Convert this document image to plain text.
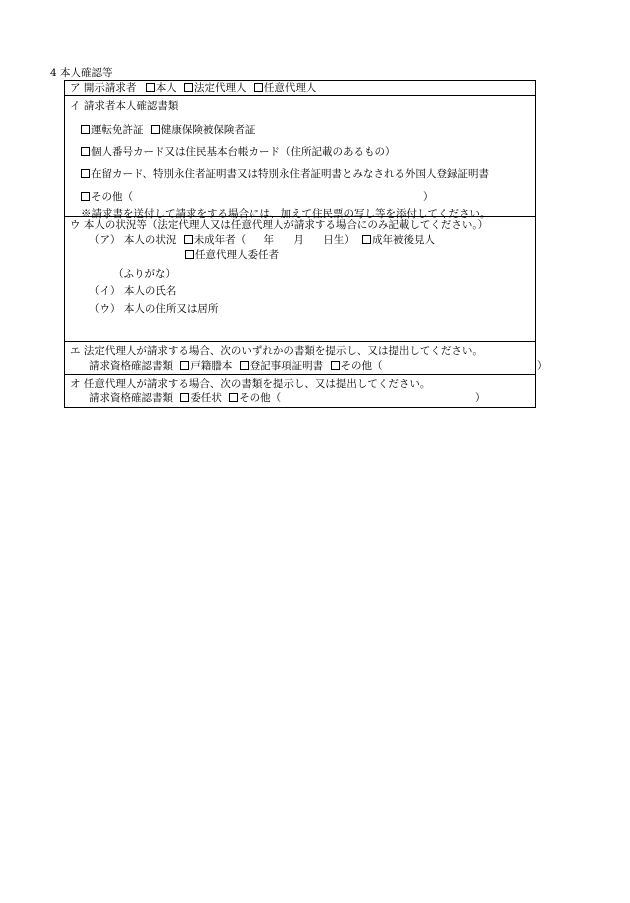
4 本人確認等
ア 開示請求者 本人 法定代理人 任意代理人
イ 請求者本人確認書類
運転免許証 健康保険被保険者証
個人番号カード又は住民基本台帳カード（住所記載のあるもの）
在留カード、特別永住者証明書又は特別永住者証明書とみなされる外国人登録証明書
その他（	）
※請求書を送付して請求をする場合には、加えて住民票の写し等を添付してください。
ウ 本人の状況等（法定代理人又は任意代理人が請求する場合にのみ記載してください。）
（ア） 本人の状況 未成年者（ 年 月 日生） 成年被後見人
任意代理人委任者
（ふりがな）
（イ） 本人の氏名
（ウ） 本人の住所又は居所
エ 法定代理人が請求する場合、次のいずれかの書類を提示し、又は提出してください。
請求資格確認書類 戸籍謄本 登記事項証明書 その他（	）
オ 任意代理人が請求する場合、次の書類を提示し、又は提出してください。
請求資格確認書類 委任状 その他（	）
